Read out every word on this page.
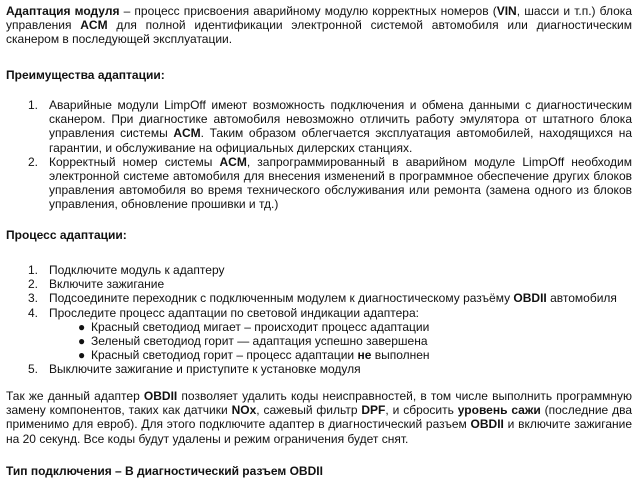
Адаптация модуля – процесс присвоения аварийному модулю корректных номеров (VIN, шасси и т.п.) блока управления ACM для полной идентификации электронной системой автомобиля или диагностическим сканером в последующей эксплуатации.

Преимущества адаптации:

1. Аварийные модули LimpOff имеют возможность подключения и обмена данными с диагностическим сканером. При диагностике автомобиля невозможно отличить работу эмулятора от штатного блока управления системы ACM. Таким образом облегчается эксплуатация автомобилей, находящихся на гарантии, и обслуживание на официальных дилерских станциях.
2. Корректный номер системы ACM, запрограммированный в аварийном модуле LimpOff необходим электронной системе автомобиля для внесения изменений в программное обеспечение других блоков управления автомобиля во время технического обслуживания или ремонта (замена одного из блоков управления, обновление прошивки и тд.)

Процесс адаптации:

1. Подключите модуль к адаптеру
2. Включите зажигание
3. Подсоедините переходник с подключенным модулем к диагностическому разъёму OBDII автомобиля
4. Проследите процесс адаптации по световой индикации адаптера:
● Красный светодиод мигает – происходит процесс адаптации
● Зеленый светодиод горит — адаптация успешно завершена
● Красный светодиод горит – процесс адаптации не выполнен
5. Выключите зажигание и приступите к установке модуля

Так же данный адаптер OBDII позволяет удалить коды неисправностей, в том числе выполнить программную замену компонентов, таких как датчики NOx, сажевый фильтр DPF, и сбросить уровень сажи (последние два применимо для евроб). Для этого подключите адаптер в диагностический разъем OBDII и включите зажигание на 20 секунд. Все коды будут удалены и режим ограничения будет снят.

Тип подключения – В диагностический разъем OBDII
